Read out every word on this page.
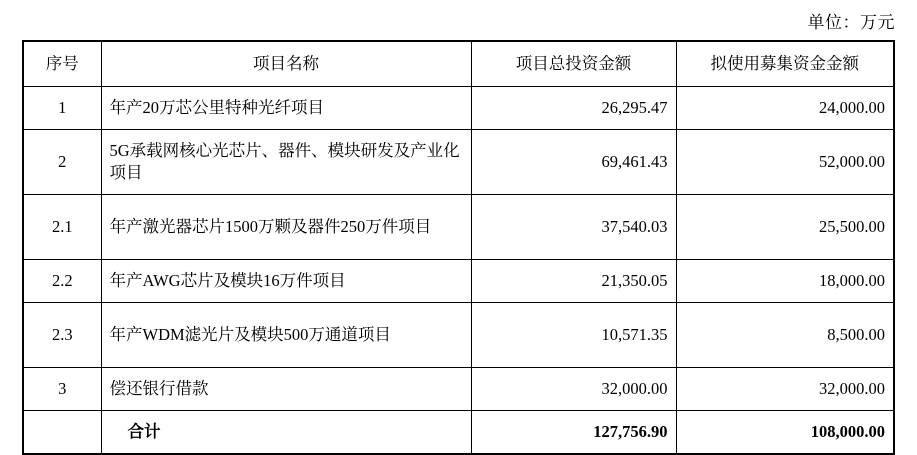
单位：万元
序号	项目名称	项目总投资金额	拟使用募集资金金额
1	年产20万芯公里特种光纤项目	26,295.47	24,000.00
2	5G承载网核心光芯片、器件、模块研发及产业化项目	69,461.43	52,000.00
2.1	年产激光器芯片1500万颗及器件250万件项目	37,540.03	25,500.00
2.2	年产AWG芯片及模块16万件项目	21,350.05	18,000.00
2.3	年产WDM滤光片及模块500万通道项目	10,571.35	8,500.00
3	偿还银行借款	32,000.00	32,000.00
	合计	127,756.90	108,000.00
